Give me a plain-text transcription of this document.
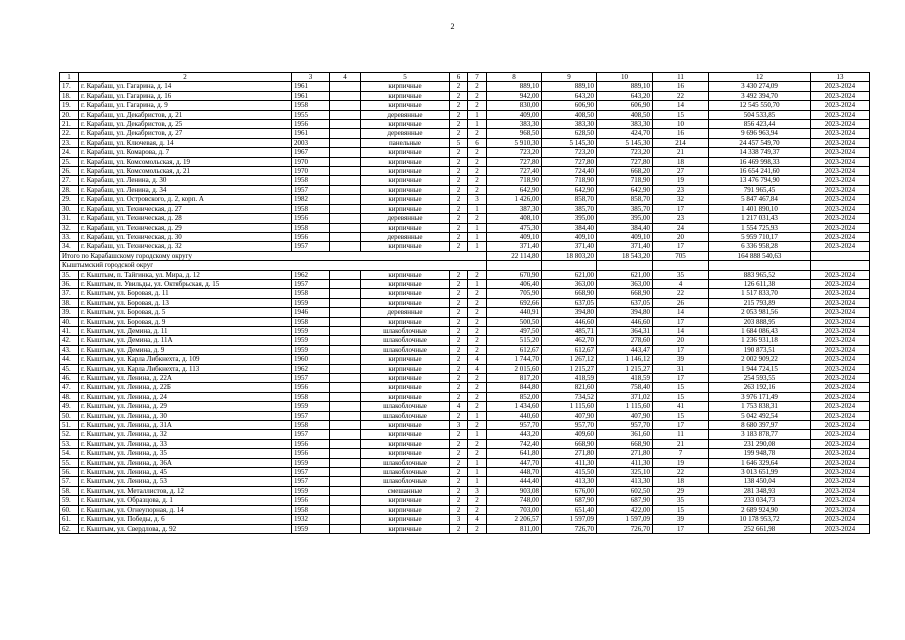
2
1	2	3	4	5	6	7	8	9	10	11	12	13
17.	г. Карабаш, ул. Гагарина, д. 14	1961		кирпичные	2	2	889,10	889,10	889,10	16	3 430 274,09	2023-2024
18.	г. Карабаш, ул. Гагарина, д. 16	1961		кирпичные	2	2	942,00	643,20	643,20	22	3 492 394,70	2023-2024
19.	г. Карабаш, ул. Гагарина, д. 9	1958		кирпичные	2	2	830,00	606,90	606,90	14	12 545 550,70	2023-2024
20.	г. Карабаш, ул. Декабристов, д. 21	1955		деревянные	2	1	409,00	408,50	408,50	15	504 533,85	2023-2024
21.	г. Карабаш, ул. Декабристов, д. 25	1956		кирпичные	2	1	383,30	383,30	383,30	10	856 423,44	2023-2024
22.	г. Карабаш, ул. Декабристов, д. 27	1961		деревянные	2	2	968,50	628,50	424,70	16	9 696 963,94	2023-2024
23.	г. Карабаш, ул. Ключевая, д. 14	2003		панельные	5	6	5 910,30	5 145,30	5 145,30	214	24 457 549,70	2023-2024
24.	г. Карабаш, ул. Комарова, д. 7	1967		кирпичные	2	2	723,20	723,20	723,20	21	14 338 749,37	2023-2024
25.	г. Карабаш, ул. Комсомольская, д. 19	1970		кирпичные	2	2	727,80	727,80	727,80	18	16 469 998,33	2023-2024
26.	г. Карабаш, ул. Комсомольская, д. 21	1970		кирпичные	2	2	727,40	724,40	668,20	27	16 654 241,60	2023-2024
27.	г. Карабаш, ул. Ленина, д. 30	1958		кирпичные	2	2	718,90	718,90	718,90	19	13 476 794,90	2023-2024
28.	г. Карабаш, ул. Ленина, д. 34	1957		кирпичные	2	2	642,90	642,90	642,90	23	791 965,45	2023-2024
29.	г. Карабаш, ул. Островского, д. 2, корп. А	1982		кирпичные	2	3	1 426,00	858,70	858,70	32	5 847 467,84	2023-2024
30.	г. Карабаш, ул. Техническая, д. 27	1958		кирпичные	2	1	387,30	385,70	385,70	17	1 401 890,10	2023-2024
31.	г. Карабаш, ул. Техническая, д. 28	1956		деревянные	2	2	408,10	395,00	395,00	23	1 217 031,43	2023-2024
32.	г. Карабаш, ул. Техническая, д. 29	1958		кирпичные	2	1	475,30	384,40	384,40	24	1 554 725,93	2023-2024
33.	г. Карабаш, ул. Техническая, д. 30	1956		деревянные	2	1	409,10	409,10	409,10	20	5 959 710,17	2023-2024
34.	г. Карабаш, ул. Техническая, д. 32	1957		кирпичные	2	1	371,40	371,40	371,40	17	6 336 958,28	2023-2024
Итого по Карабашскому городскому округу							22 114,80	18 803,20	18 543,20	705	164 888 540,63	
Кыштымский городской округ												
35.	г. Кыштым, п. Тайгинка, ул. Мира, д. 12	1962		кирпичные	2	2	670,90	621,00	621,00	35	883 965,52	2023-2024
36.	г. Кыштым, п. Увильды, ул. Октябрьская, д. 15	1957		кирпичные	2	1	406,40	363,00	363,00	4	126 611,38	2023-2024
37.	г. Кыштым, ул. Боровая, д. 11	1958		кирпичные	2	2	705,90	668,90	668,90	22	1 517 833,70	2023-2024
38.	г. Кыштым, ул. Боровая, д. 13	1959		кирпичные	2	2	692,66	637,05	637,05	26	215 793,89	2023-2024
39.	г. Кыштым, ул. Боровая, д. 5	1946		деревянные	2	2	440,91	394,80	394,80	14	2 053 981,56	2023-2024
40.	г. Кыштым, ул. Боровая, д. 9	1958		кирпичные	2	2	500,50	446,60	446,60	17	203 888,95	2023-2024
41.	г. Кыштым, ул. Демина, д. 11	1959		шлакоблочные	2	2	497,50	485,71	364,31	14	1 684 086,43	2023-2024
42.	г. Кыштым, ул. Демина, д. 11А	1959		шлакоблочные	2	2	515,20	462,70	278,60	20	1 236 931,18	2023-2024
43.	г. Кыштым, ул. Демина, д. 9	1959		шлакоблочные	2	2	612,67	612,67	443,47	17	190 873,51	2023-2024
44.	г. Кыштым, ул. Карла Либкнехта, д. 109	1960		кирпичные	2	4	1 744,70	1 267,12	1 146,12	39	2 002 909,22	2023-2024
45.	г. Кыштым, ул. Карла Либкнехта, д. 113	1962		кирпичные	2	4	2 015,60	1 215,27	1 215,27	31	1 944 724,15	2023-2024
46.	г. Кыштым, ул. Ленина, д. 22А	1957		кирпичные	2	2	817,20	418,59	418,59	17	254 593,55	2023-2024
47.	г. Кыштым, ул. Ленина, д. 22Б	1956		кирпичные	2	2	844,80	821,60	758,40	15	263 192,16	2023-2024
48.	г. Кыштым, ул. Ленина, д. 24	1958		кирпичные	2	2	852,00	734,52	371,02	15	3 976 171,49	2023-2024
49.	г. Кыштым, ул. Ленина, д. 29	1959		шлакоблочные	4	2	1 434,60	1 115,60	1 115,60	41	1 753 838,31	2023-2024
50.	г. Кыштым, ул. Ленина, д. 30	1957		шлакоблочные	2	1	440,60	407,90	407,90	15	5 042 492,54	2023-2024
51.	г. Кыштым, ул. Ленина, д. 31А	1958		кирпичные	3	2	957,70	957,70	957,70	17	8 680 397,97	2023-2024
52.	г. Кыштым, ул. Ленина, д. 32	1957		кирпичные	2	1	443,20	409,60	361,60	11	3 183 878,77	2023-2024
53.	г. Кыштым, ул. Ленина, д. 33	1956		кирпичные	2	2	742,40	668,90	668,90	21	231 290,08	2023-2024
54.	г. Кыштым, ул. Ленина, д. 35	1956		кирпичные	2	2	641,80	271,80	271,80	7	199 948,78	2023-2024
55.	г. Кыштым, ул. Ленина, д. 36А	1959		шлакоблочные	2	1	447,70	411,30	411,30	19	1 646 329,64	2023-2024
56.	г. Кыштым, ул. Ленина, д. 45	1957		шлакоблочные	2	1	448,70	415,50	325,10	22	3 013 651,99	2023-2024
57.	г. Кыштым, ул. Ленина, д. 53	1957		шлакоблочные	2	1	444,40	413,30	413,30	18	138 450,04	2023-2024
58.	г. Кыштым, ул. Металлистов, д. 12	1959		смешанные	2	3	903,08	676,00	602,50	29	281 348,93	2023-2024
59.	г. Кыштым, ул. Образцова, д. 1	1956		кирпичные	2	2	748,00	687,90	687,90	35	233 034,73	2023-2024
60.	г. Кыштым, ул. Огнеупорная, д. 14	1958		кирпичные	2	2	703,00	651,40	422,00	15	2 689 924,90	2023-2024
61.	г. Кыштым, ул. Победы, д. 6	1932		кирпичные	3	4	2 206,57	1 597,09	1 597,09	39	10 178 953,72	2023-2024
62.	г. Кыштым, ул. Свердлова, д. 92	1959		кирпичные	2	2	811,00	726,70	726,70	17	252 661,98	2023-2024
